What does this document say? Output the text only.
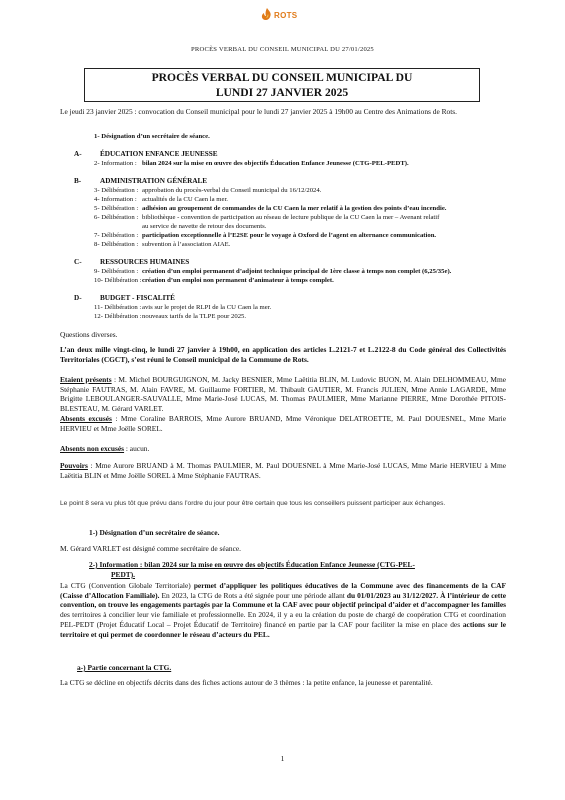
ROTS
PROCÈS VERBAL DU CONSEIL MUNICIPAL DU 27/01/2025
PROCÈS VERBAL DU CONSEIL MUNICIPAL DU
LUNDI 27 JANVIER 2025
Le jeudi 23 janvier 2025 : convocation du Conseil municipal pour le lundi 27 janvier 2025 à 19h00 au Centre des Animations de Rots.
1- Désignation d’un secrétaire de séance.
A-	ÉDUCATION ENFANCE JEUNESSE
2- Information : bilan 2024 sur la mise en œuvre des objectifs Éducation Enfance Jeunesse (CTG-PEL-PEDT).
B-	ADMINISTRATION GÉNÉRALE
3- Délibération : approbation du procès-verbal du Conseil municipal du 16/12/2024.
4- Information : actualités de la CU Caen la mer.
5- Délibération : adhésion au groupement de commandes de la CU Caen la mer relatif à la gestion des points d’eau incendie.
6- Délibération : bibliothèque - convention de participation au réseau de lecture publique de la CU Caen la mer – Avenant relatif
au service de navette de retour des documents.
7- Délibération : participation exceptionnelle à l’E2SE pour le voyage à Oxford de l’agent en alternance communication.
8- Délibération : subvention à l’association AIAE.
C-	RESSOURCES HUMAINES
9- Délibération : création d’un emploi permanent d’adjoint technique principal de 1ère classe à temps non complet (6,25/35e).
10- Délibération :création d’un emploi non permanent d’animateur à temps complet.
D-	BUDGET - FISCALITÉ
11- Délibération :avis sur le projet de RLPI de la CU Caen la mer.
12- Délibération :nouveaux tarifs de la TLPE pour 2025.
Questions diverses.
L’an deux mille vingt-cinq, le lundi 27 janvier à 19h00, en application des articles L.2121-7 et L.2122-8 du Code général des Collectivités Territoriales (CGCT), s’est réuni le Conseil municipal de la Commune de Rots.
Etaient présents : M. Michel BOURGUIGNON, M. Jacky BESNIER, Mme Laëtitia BLIN, M. Ludovic BUON, M. Alain DELHOMMEAU, Mme Stéphanie FAUTRAS, M. Alain FAVRE, M. Guillaume FORTIER, M. Thibault GAUTIER, M. Francis JULIEN, Mme Annie LAGARDE, Mme Brigitte LEBOULANGER-SAUVALLE, Mme Marie-José LUCAS, M. Thomas PAULMIER, Mme Marianne PIERRE, Mme Dorothée PITOIS-BLESTEAU, M. Gérard VARLET.
Absents excusés : Mme Coraline BARROIS, Mme Aurore BRUAND, Mme Véronique DELATROETTE, M. Paul DOUESNEL, Mme Marie HERVIEU et Mme Joëlle SOREL.
Absents non excusés : aucun.
Pouvoirs : Mme Aurore BRUAND à M. Thomas PAULMIER, M. Paul DOUESNEL à Mme Marie-José LUCAS, Mme Marie HERVIEU à Mme Laëtitia BLIN et Mme Joëlle SOREL à Mme Stéphanie FAUTRAS.
Le point 8 sera vu plus tôt que prévu dans l’ordre du jour pour être certain que tous les conseillers puissent participer aux échanges.
1-) Désignation d’un secrétaire de séance.
M. Gérard VARLET est désigné comme secrétaire de séance.
2-) Information : bilan 2024 sur la mise en œuvre des objectifs Éducation Enfance Jeunesse (CTG-PEL-
PEDT).
La CTG (Convention Globale Territoriale) permet d’appliquer les politiques éducatives de la Commune avec des financements de la CAF (Caisse d’Allocation Familiale). En 2023, la CTG de Rots a été signée pour une période allant du 01/01/2023 au 31/12/2027. À l’intérieur de cette convention, on trouve les engagements partagés par la Commune et la CAF avec pour objectif principal d’aider et d’accompagner les familles des territoires à concilier leur vie familiale et professionnelle. En 2024, il y a eu la création du poste de chargé de coopération CTG et coordination PEL-PEDT (Projet Éducatif Local – Projet Éducatif de Territoire) financé en partie par la CAF pour faciliter la mise en place des actions sur le territoire et qui permet de coordonner le réseau d’acteurs du PEL.
a-) Partie concernant la CTG.
La CTG se décline en objectifs décrits dans des fiches actions autour de 3 thèmes : la petite enfance, la jeunesse et parentalité.
1
